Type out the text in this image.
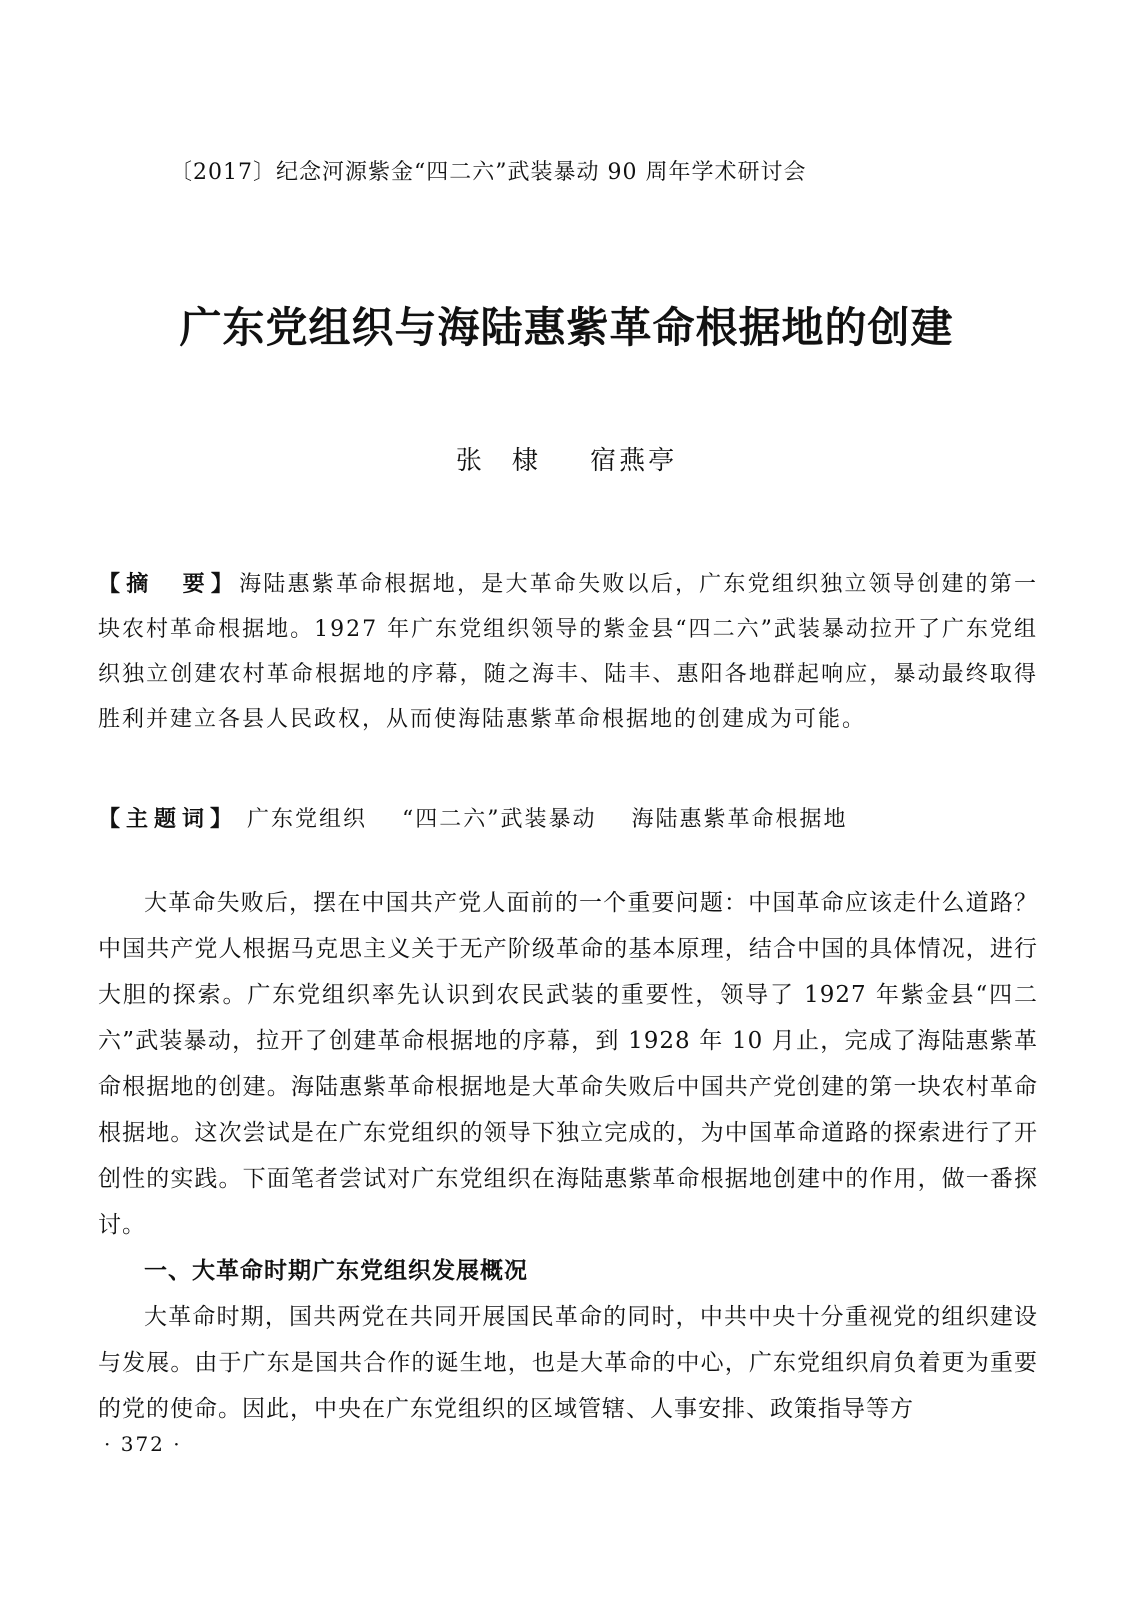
〔2017〕纪念河源紫金“四二六”武装暴动 90 周年学术研讨会
广东党组织与海陆惠紫革命根据地的创建
张棣 宿燕亭
【摘　要】海陆惠紫革命根据地，是大革命失败以后，广东党组织独立领导创建的第一块农村革命根据地。1927 年广东党组织领导的紫金县“四二六”武装暴动拉开了广东党组织独立创建农村革命根据地的序幕，随之海丰、陆丰、惠阳各地群起响应，暴动最终取得胜利并建立各县人民政权，从而使海陆惠紫革命根据地的创建成为可能。
【主题词】 广东党组织 “四二六”武装暴动 海陆惠紫革命根据地

大革命失败后，摆在中国共产党人面前的一个重要问题：中国革命应该走什么道路？中国共产党人根据马克思主义关于无产阶级革命的基本原理，结合中国的具体情况，进行大胆的探索。广东党组织率先认识到农民武装的重要性，领导了 1927 年紫金县“四二六”武装暴动，拉开了创建革命根据地的序幕，到 1928 年 10 月止，完成了海陆惠紫革命根据地的创建。海陆惠紫革命根据地是大革命失败后中国共产党创建的第一块农村革命根据地。这次尝试是在广东党组织的领导下独立完成的，为中国革命道路的探索进行了开创性的实践。下面笔者尝试对广东党组织在海陆惠紫革命根据地创建中的作用，做一番探讨。

一、大革命时期广东党组织发展概况

大革命时期，国共两党在共同开展国民革命的同时，中共中央十分重视党的组织建设与发展。由于广东是国共合作的诞生地，也是大革命的中心，广东党组织肩负着更为重要的党的使命。因此，中央在广东党组织的区域管辖、人事安排、政策指导等方

· 372 ·
